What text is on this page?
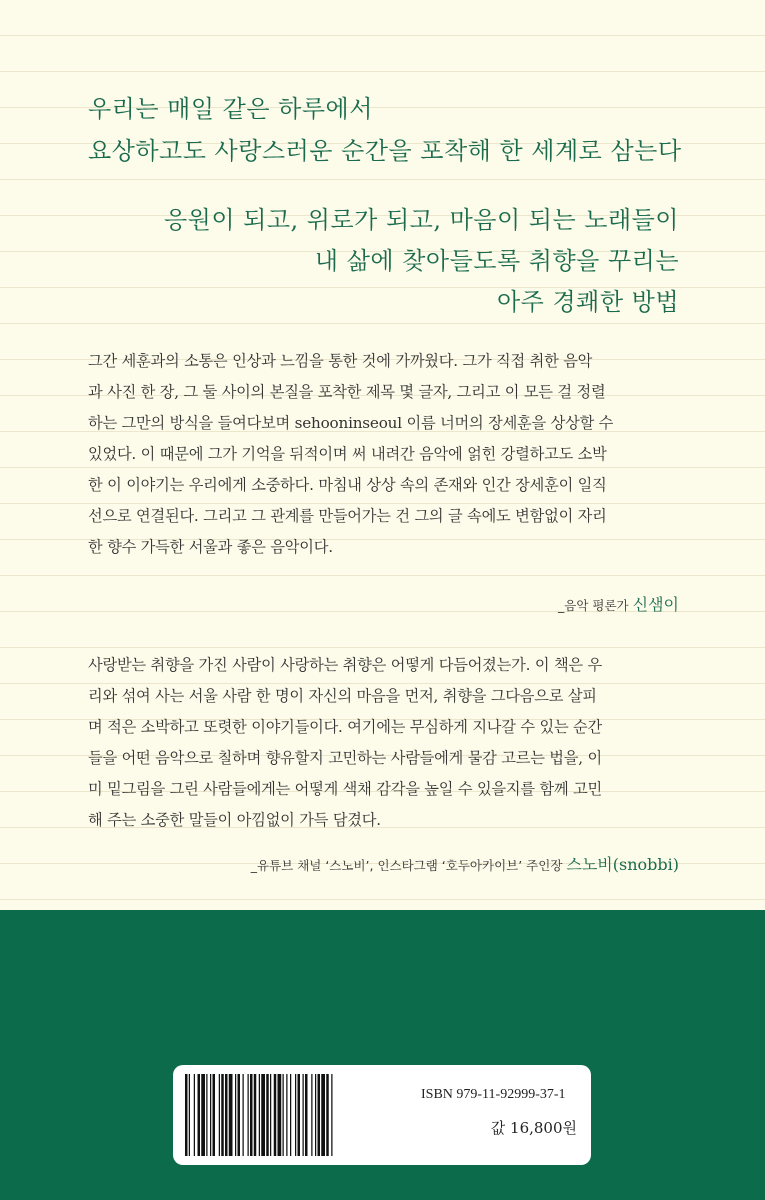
우리는 매일 같은 하루에서
요상하고도 사랑스러운 순간을 포착해 한 세계로 삼는다
응원이 되고, 위로가 되고, 마음이 되는 노래들이
내 삶에 찾아들도록 취향을 꾸리는
아주 경쾌한 방법
그간 세훈과의 소통은 인상과 느낌을 통한 것에 가까웠다. 그가 직접 취한 음악
과 사진 한 장, 그 둘 사이의 본질을 포착한 제목 몇 글자, 그리고 이 모든 걸 정렬
하는 그만의 방식을 들여다보며 sehooninseoul 이름 너머의 장세훈을 상상할 수
있었다. 이 때문에 그가 기억을 뒤적이며 써 내려간 음악에 얽힌 강렬하고도 소박
한 이 이야기는 우리에게 소중하다. 마침내 상상 속의 존재와 인간 장세훈이 일직
선으로 연결된다. 그리고 그 관계를 만들어가는 건 그의 글 속에도 변함없이 자리
한 향수 가득한 서울과 좋은 음악이다.
_음악 평론가 신샘이
사랑받는 취향을 가진 사람이 사랑하는 취향은 어떻게 다듬어졌는가. 이 책은 우
리와 섞여 사는 서울 사람 한 명이 자신의 마음을 먼저, 취향을 그다음으로 살피
며 적은 소박하고 또렷한 이야기들이다. 여기에는 무심하게 지나갈 수 있는 순간
들을 어떤 음악으로 칠하며 향유할지 고민하는 사람들에게 물감 고르는 법을, 이
미 밑그림을 그린 사람들에게는 어떻게 색채 감각을 높일 수 있을지를 함께 고민
해 주는 소중한 말들이 아낌없이 가득 담겼다.
_유튜브 채널 ‘스노비’, 인스타그램 ‘호두아카이브’ 주인장 스노비(snobbi)
ISBN 979-11-92999-37-1
값 16,800원
